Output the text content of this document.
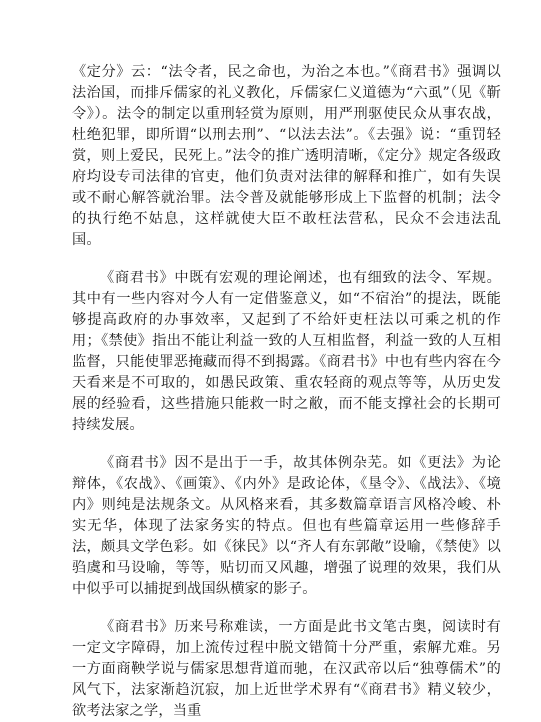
《定分》云：“法令者，民之命也，为治之本也。”《商君书》强调以法治国，而排斥儒家的礼义教化，斥儒家仁义道德为“六虱”（见《靳令》）。法令的制定以重刑轻赏为原则，用严刑驱使民众从事农战，杜绝犯罪，即所谓“以刑去刑”、“以法去法”。《去强》说：“重罚轻赏，则上爱民，民死上。”法令的推广透明清晰，《定分》规定各级政府均设专司法律的官吏，他们负责对法律的解释和推广，如有失误或不耐心解答就治罪。法令普及就能够形成上下监督的机制；法令的执行绝不姑息，这样就使大臣不敢枉法营私，民众不会违法乱国。

《商君书》中既有宏观的理论阐述，也有细致的法令、军规。其中有一些内容对今人有一定借鉴意义，如“不宿治”的提法，既能够提高政府的办事效率，又起到了不给奸吏枉法以可乘之机的作用；《禁使》指出不能让利益一致的人互相监督，利益一致的人互相监督，只能使罪恶掩藏而得不到揭露。《商君书》中也有些内容在今天看来是不可取的，如愚民政策、重农轻商的观点等等，从历史发展的经验看，这些措施只能救一时之敝，而不能支撑社会的长期可持续发展。

《商君书》因不是出于一手，故其体例杂芜。如《更法》为论辩体，《农战》、《画策》、《内外》是政论体，《垦令》、《战法》、《境内》则纯是法规条文。从风格来看，其多数篇章语言风格冷峻、朴实无华，体现了法家务实的特点。但也有些篇章运用一些修辞手法，颇具文学色彩。如《徕民》以“齐人有东郭敞”设喻，《禁使》以驺虞和马设喻，等等，贴切而又风趣，增强了说理的效果，我们从中似乎可以捕捉到战国纵横家的影子。

《商君书》历来号称难读，一方面是此书文笔古奥，阅读时有一定文字障碍，加上流传过程中脱文错简十分严重，索解尤难。另一方面商鞅学说与儒家思想背道而驰，在汉武帝以后“独尊儒术”的风气下，法家渐趋沉寂，加上近世学术界有“《商君书》精义较少，欲考法家之学，当重
